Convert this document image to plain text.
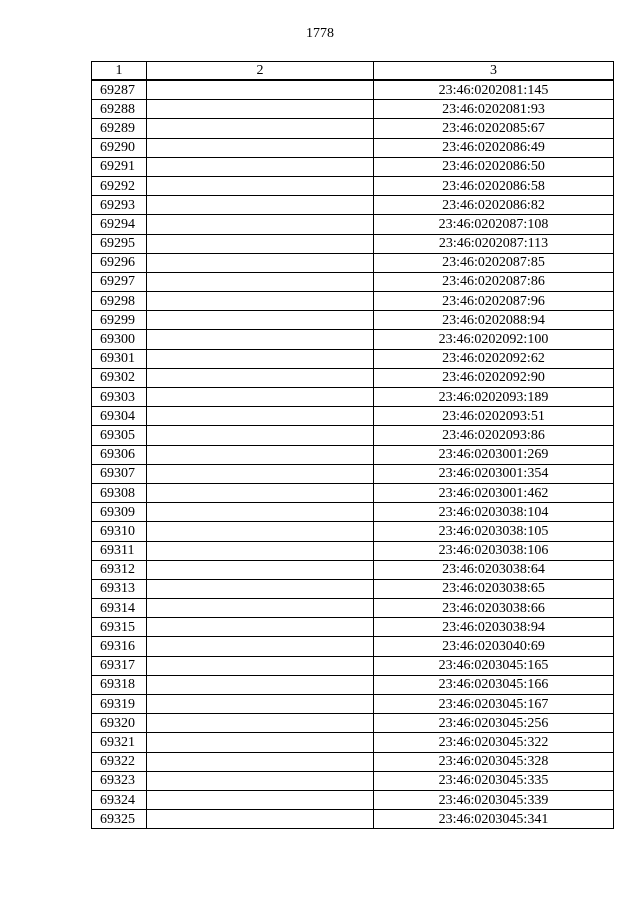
1778
1	2	3
69287		23:46:0202081:145
69288		23:46:0202081:93
69289		23:46:0202085:67
69290		23:46:0202086:49
69291		23:46:0202086:50
69292		23:46:0202086:58
69293		23:46:0202086:82
69294		23:46:0202087:108
69295		23:46:0202087:113
69296		23:46:0202087:85
69297		23:46:0202087:86
69298		23:46:0202087:96
69299		23:46:0202088:94
69300		23:46:0202092:100
69301		23:46:0202092:62
69302		23:46:0202092:90
69303		23:46:0202093:189
69304		23:46:0202093:51
69305		23:46:0202093:86
69306		23:46:0203001:269
69307		23:46:0203001:354
69308		23:46:0203001:462
69309		23:46:0203038:104
69310		23:46:0203038:105
69311		23:46:0203038:106
69312		23:46:0203038:64
69313		23:46:0203038:65
69314		23:46:0203038:66
69315		23:46:0203038:94
69316		23:46:0203040:69
69317		23:46:0203045:165
69318		23:46:0203045:166
69319		23:46:0203045:167
69320		23:46:0203045:256
69321		23:46:0203045:322
69322		23:46:0203045:328
69323		23:46:0203045:335
69324		23:46:0203045:339
69325		23:46:0203045:341
